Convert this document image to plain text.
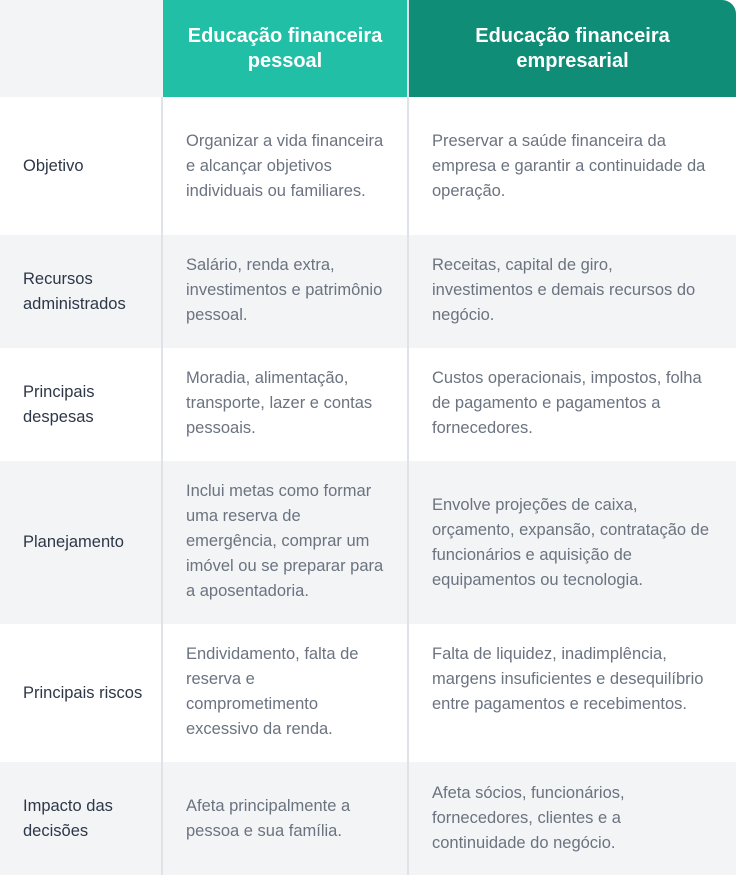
Educação financeira pessoal
Educação financeira empresarial
Objetivo
Organizar a vida financeira e alcançar objetivos individuais ou familiares.
Preservar a saúde financeira da empresa e garantir a continuidade da operação.
Recursos administrados
Salário, renda extra, investimentos e patrimônio pessoal.
Receitas, capital de giro, investimentos e demais recursos do negócio.
Principais despesas
Moradia, alimentação, transporte, lazer e contas pessoais.
Custos operacionais, impostos, folha de pagamento e pagamentos a fornecedores.
Planejamento
Inclui metas como formar uma reserva de emergência, comprar um imóvel ou se preparar para a aposentadoria.
Envolve projeções de caixa, orçamento, expansão, contratação de funcionários e aquisição de equipamentos ou tecnologia.
Principais riscos
Endividamento, falta de reserva e comprometimento excessivo da renda.
Falta de liquidez, inadimplência, margens insuficientes e desequilíbrio entre pagamentos e recebimentos.
Impacto das decisões
Afeta principalmente a pessoa e sua família.
Afeta sócios, funcionários, fornecedores, clientes e a continuidade do negócio.
